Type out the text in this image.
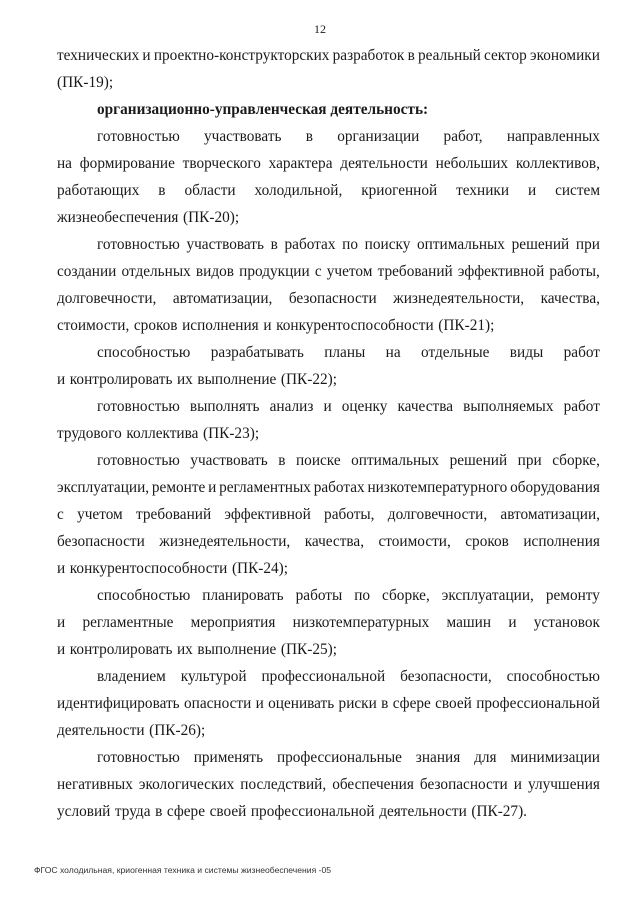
12
технических и проектно-конструкторских разработок в реальный сектор экономики
(ПК-19);
организационно-управленческая деятельность:
готовностью участвовать в организации работ, направленных
на формирование творческого характера деятельности небольших коллективов,
работающих в области холодильной, криогенной техники и систем
жизнеобеспечения (ПК-20);
готовностью участвовать в работах по поиску оптимальных решений при
создании отдельных видов продукции с учетом требований эффективной работы,
долговечности, автоматизации, безопасности жизнедеятельности, качества,
стоимости, сроков исполнения и конкурентоспособности (ПК-21);
способностью разрабатывать планы на отдельные виды работ
и контролировать их выполнение (ПК-22);
готовностью выполнять анализ и оценку качества выполняемых работ
трудового коллектива (ПК-23);
готовностью участвовать в поиске оптимальных решений при сборке,
эксплуатации, ремонте и регламентных работах низкотемпературного оборудования
с учетом требований эффективной работы, долговечности, автоматизации,
безопасности жизнедеятельности, качества, стоимости, сроков исполнения
и конкурентоспособности (ПК-24);
способностью планировать работы по сборке, эксплуатации, ремонту
и регламентные мероприятия низкотемпературных машин и установок
и контролировать их выполнение (ПК-25);
владением культурой профессиональной безопасности, способностью
идентифицировать опасности и оценивать риски в сфере своей профессиональной
деятельности (ПК-26);
готовностью применять профессиональные знания для минимизации
негативных экологических последствий, обеспечения безопасности и улучшения
условий труда в сфере своей профессиональной деятельности (ПК-27).
ФГОС холодильная, криогенная техника и системы жизнеобеспечения -05
